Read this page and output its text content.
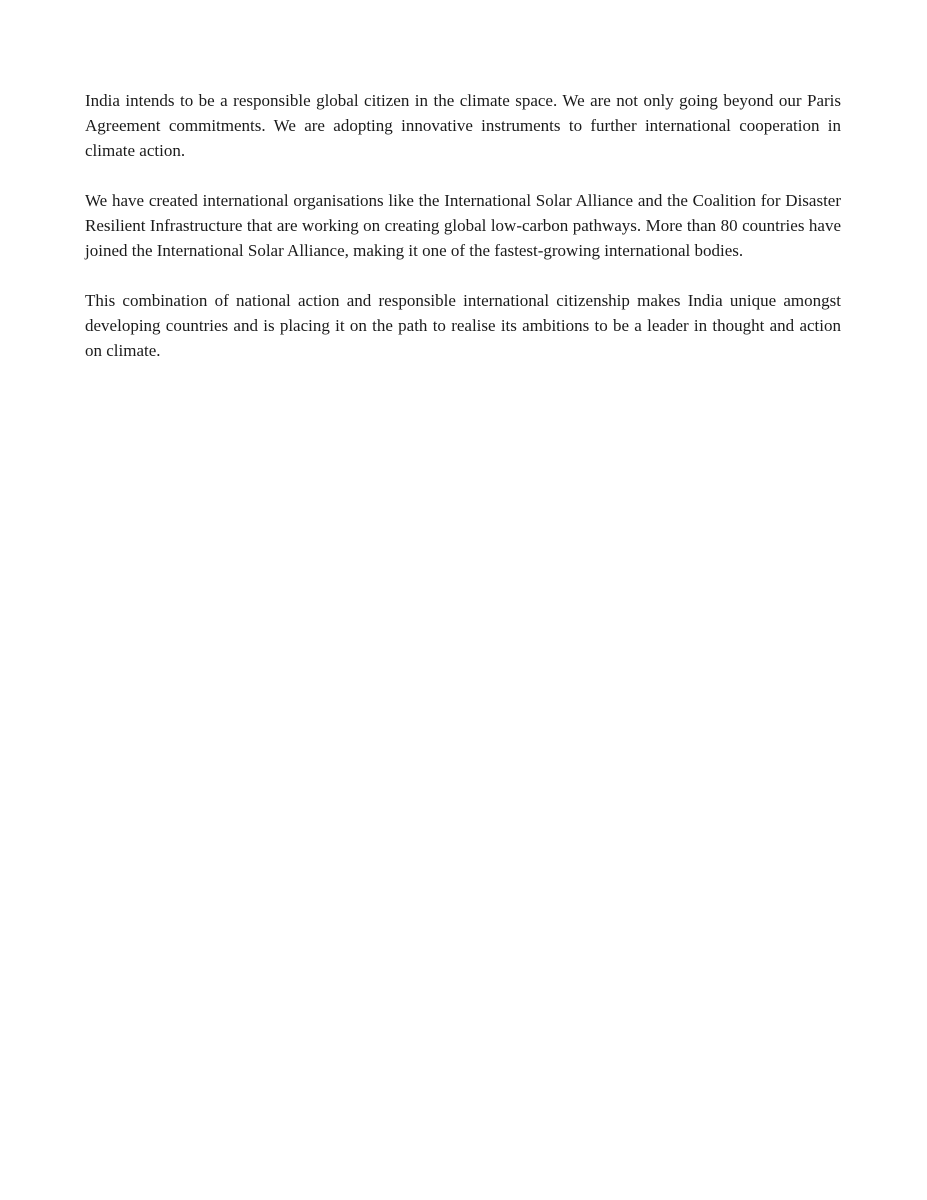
India intends to be a responsible global citizen in the climate space. We are not only going beyond our Paris Agreement commitments. We are adopting innovative instruments to further international cooperation in climate action.

We have created international organisations like the International Solar Alliance and the Coalition for Disaster Resilient Infrastructure that are working on creating global low-carbon pathways. More than 80 countries have joined the International Solar Alliance, making it one of the fastest-growing international bodies.

This combination of national action and responsible international citizenship makes India unique amongst developing countries and is placing it on the path to realise its ambitions to be a leader in thought and action on climate.
